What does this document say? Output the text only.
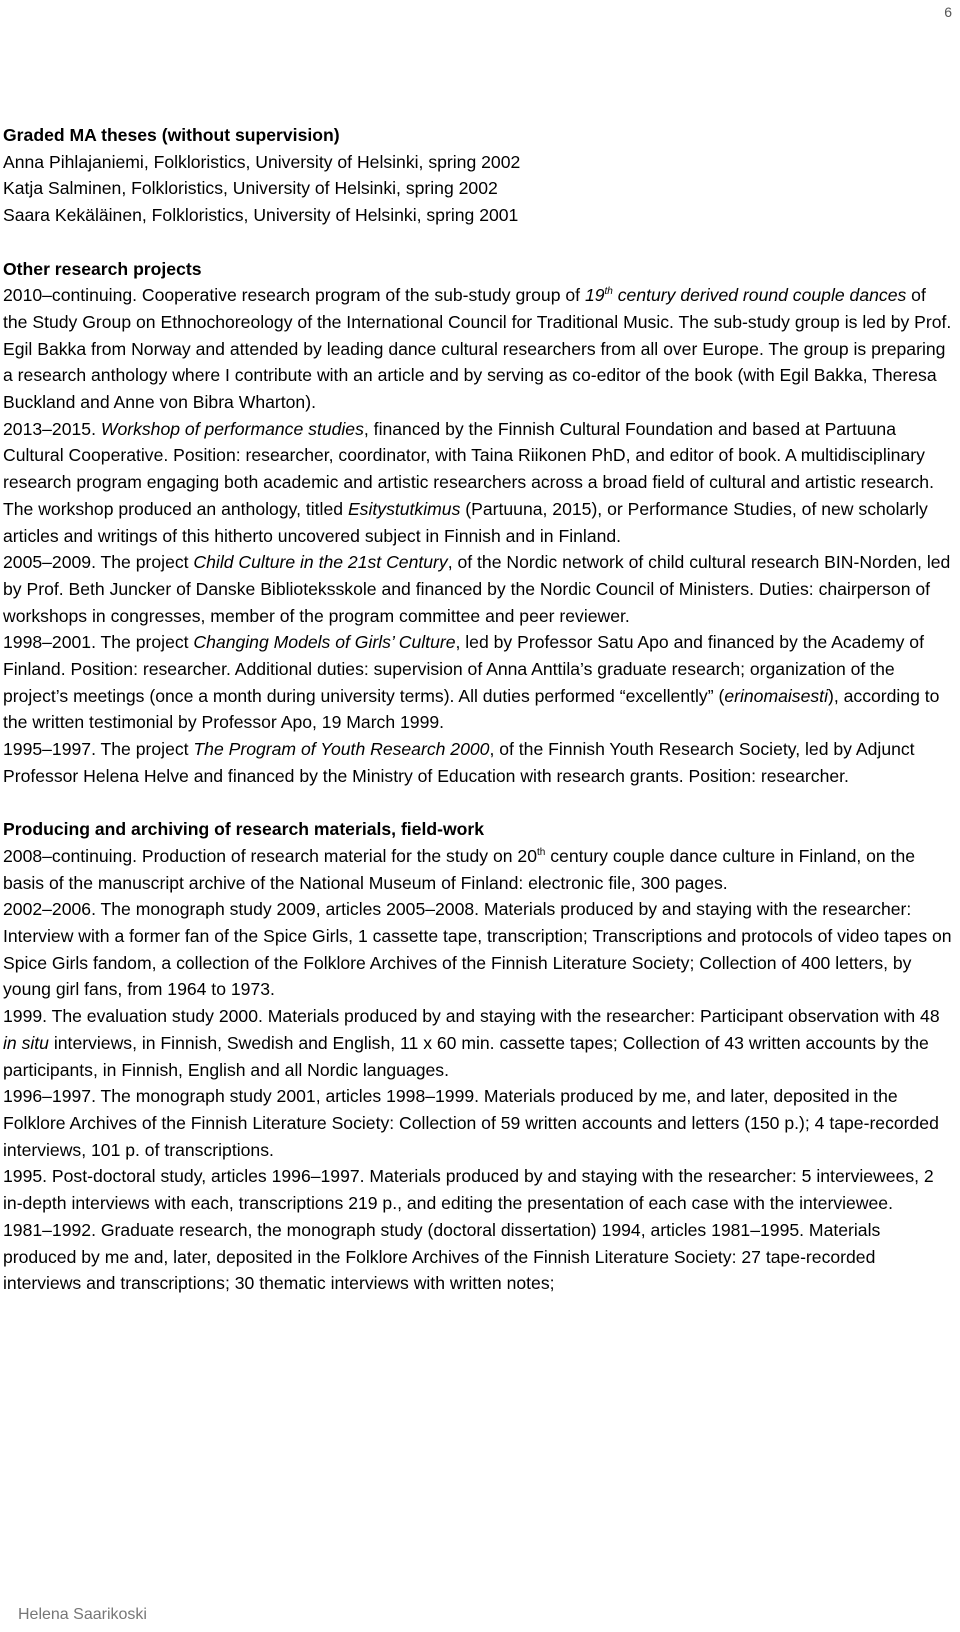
6

Graded MA theses (without supervision)

Anna Pihlajaniemi, Folkloristics, University of Helsinki, spring 2002

Katja Salminen, Folkloristics, University of Helsinki, spring 2002

Saara Kekäläinen, Folkloristics, University of Helsinki, spring 2001

Other research projects

2010–continuing. Cooperative research program of the sub-study group of 19th century derived round couple dances of the Study Group on Ethnochoreology of the International Council for Traditional Music. The sub-study group is led by Prof. Egil Bakka from Norway and attended by leading dance cultural researchers from all over Europe. The group is preparing a research anthology where I contribute with an article and by serving as co-editor of the book (with Egil Bakka, Theresa Buckland and Anne von Bibra Wharton).

2013–2015. Workshop of performance studies, financed by the Finnish Cultural Foundation and based at Partuuna Cultural Cooperative. Position: researcher, coordinator, with Taina Riikonen PhD, and editor of book. A multidisciplinary research program engaging both academic and artistic researchers across a broad field of cultural and artistic research. The workshop produced an anthology, titled Esitystutkimus (Partuuna, 2015), or Performance Studies, of new scholarly articles and writings of this hitherto uncovered subject in Finnish and in Finland.

2005–2009. The project Child Culture in the 21st Century, of the Nordic network of child cultural research BIN-Norden, led by Prof. Beth Juncker of Danske Biblioteksskole and financed by the Nordic Council of Ministers. Duties: chairperson of workshops in congresses, member of the program committee and peer reviewer.

1998–2001. The project Changing Models of Girls’ Culture, led by Professor Satu Apo and financed by the Academy of Finland. Position: researcher. Additional duties: supervision of Anna Anttila’s graduate research; organization of the project’s meetings (once a month during university terms). All duties performed “excellently” (erinomaisesti), according to the written testimonial by Professor Apo, 19 March 1999.

1995–1997. The project The Program of Youth Research 2000, of the Finnish Youth Research Society, led by Adjunct Professor Helena Helve and financed by the Ministry of Education with research grants. Position: researcher.

Producing and archiving of research materials, field-work

2008–continuing. Production of research material for the study on 20th century couple dance culture in Finland, on the basis of the manuscript archive of the National Museum of Finland: electronic file, 300 pages.

2002–2006. The monograph study 2009, articles 2005–2008. Materials produced by and staying with the researcher: Interview with a former fan of the Spice Girls, 1 cassette tape, transcription; Transcriptions and protocols of video tapes on Spice Girls fandom, a collection of the Folklore Archives of the Finnish Literature Society; Collection of 400 letters, by young girl fans, from 1964 to 1973.

1999. The evaluation study 2000. Materials produced by and staying with the researcher: Participant observation with 48 in situ interviews, in Finnish, Swedish and English, 11 x 60 min. cassette tapes; Collection of 43 written accounts by the participants, in Finnish, English and all Nordic languages.

1996–1997. The monograph study 2001, articles 1998–1999. Materials produced by me, and later, deposited in the Folklore Archives of the Finnish Literature Society: Collection of 59 written accounts and letters (150 p.); 4 tape-recorded interviews, 101 p. of transcriptions.

1995. Post-doctoral study, articles 1996–1997. Materials produced by and staying with the researcher: 5 interviewees, 2 in-depth interviews with each, transcriptions 219 p., and editing the presentation of each case with the interviewee.

1981–1992. Graduate research, the monograph study (doctoral dissertation) 1994, articles 1981–1995. Materials produced by me and, later, deposited in the Folklore Archives of the Finnish Literature Society: 27 tape-recorded interviews and transcriptions; 30 thematic interviews with written notes;

Helena Saarikoski
